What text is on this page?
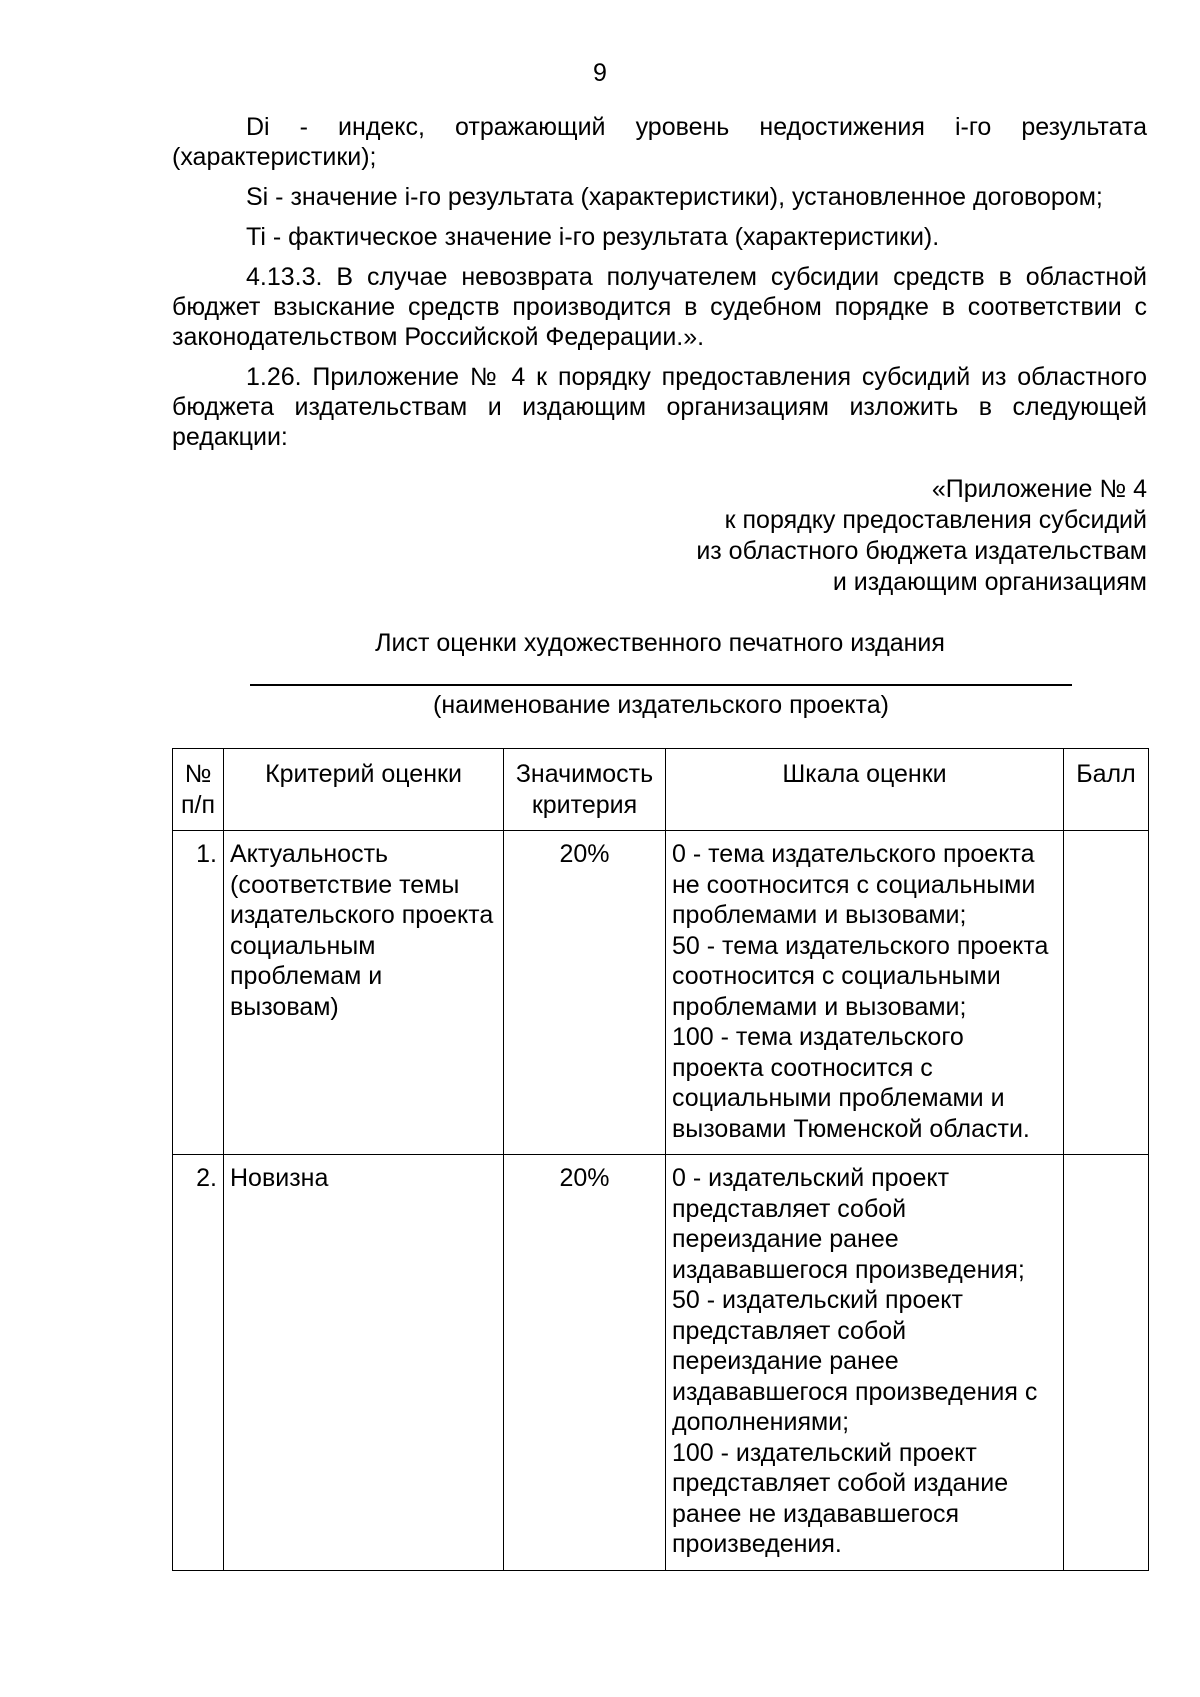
9

Di - индекс, отражающий уровень недостижения i-го результата (характеристики);

Si - значение i-го результата (характеристики), установленное договором;

Ti - фактическое значение i-го результата (характеристики).

4.13.3. В случае невозврата получателем субсидии средств в областной бюджет взыскание средств производится в судебном порядке в соответствии с законодательством Российской Федерации.».

1.26. Приложение № 4 к порядку предоставления субсидий из областного бюджета издательствам и издающим организациям изложить в следующей редакции:

«Приложение № 4
к порядку предоставления субсидий
из областного бюджета издательствам
и издающим организациям
Лист оценки художественного печатного издания
(наименование издательского проекта)
№ п/п	Критерий оценки	Значимость критерия	Шкала оценки	Балл
1.	Актуальность (соответствие темы издательского проекта социальным проблемам и вызовам)	20%	0 - тема издательского проекта не соотносится с социальными проблемами и вызовами;
50 - тема издательского проекта соотносится с социальными проблемами и вызовами;
100 - тема издательского проекта соотносится с социальными проблемами и вызовами Тюменской области.	

2.	Новизна	20%	0 - издательский проект представляет собой переиздание ранее издававшегося произведения;
50 - издательский проект представляет собой переиздание ранее издававшегося произведения с дополнениями;
100 - издательский проект представляет собой издание ранее не издававшегося произведения.	
